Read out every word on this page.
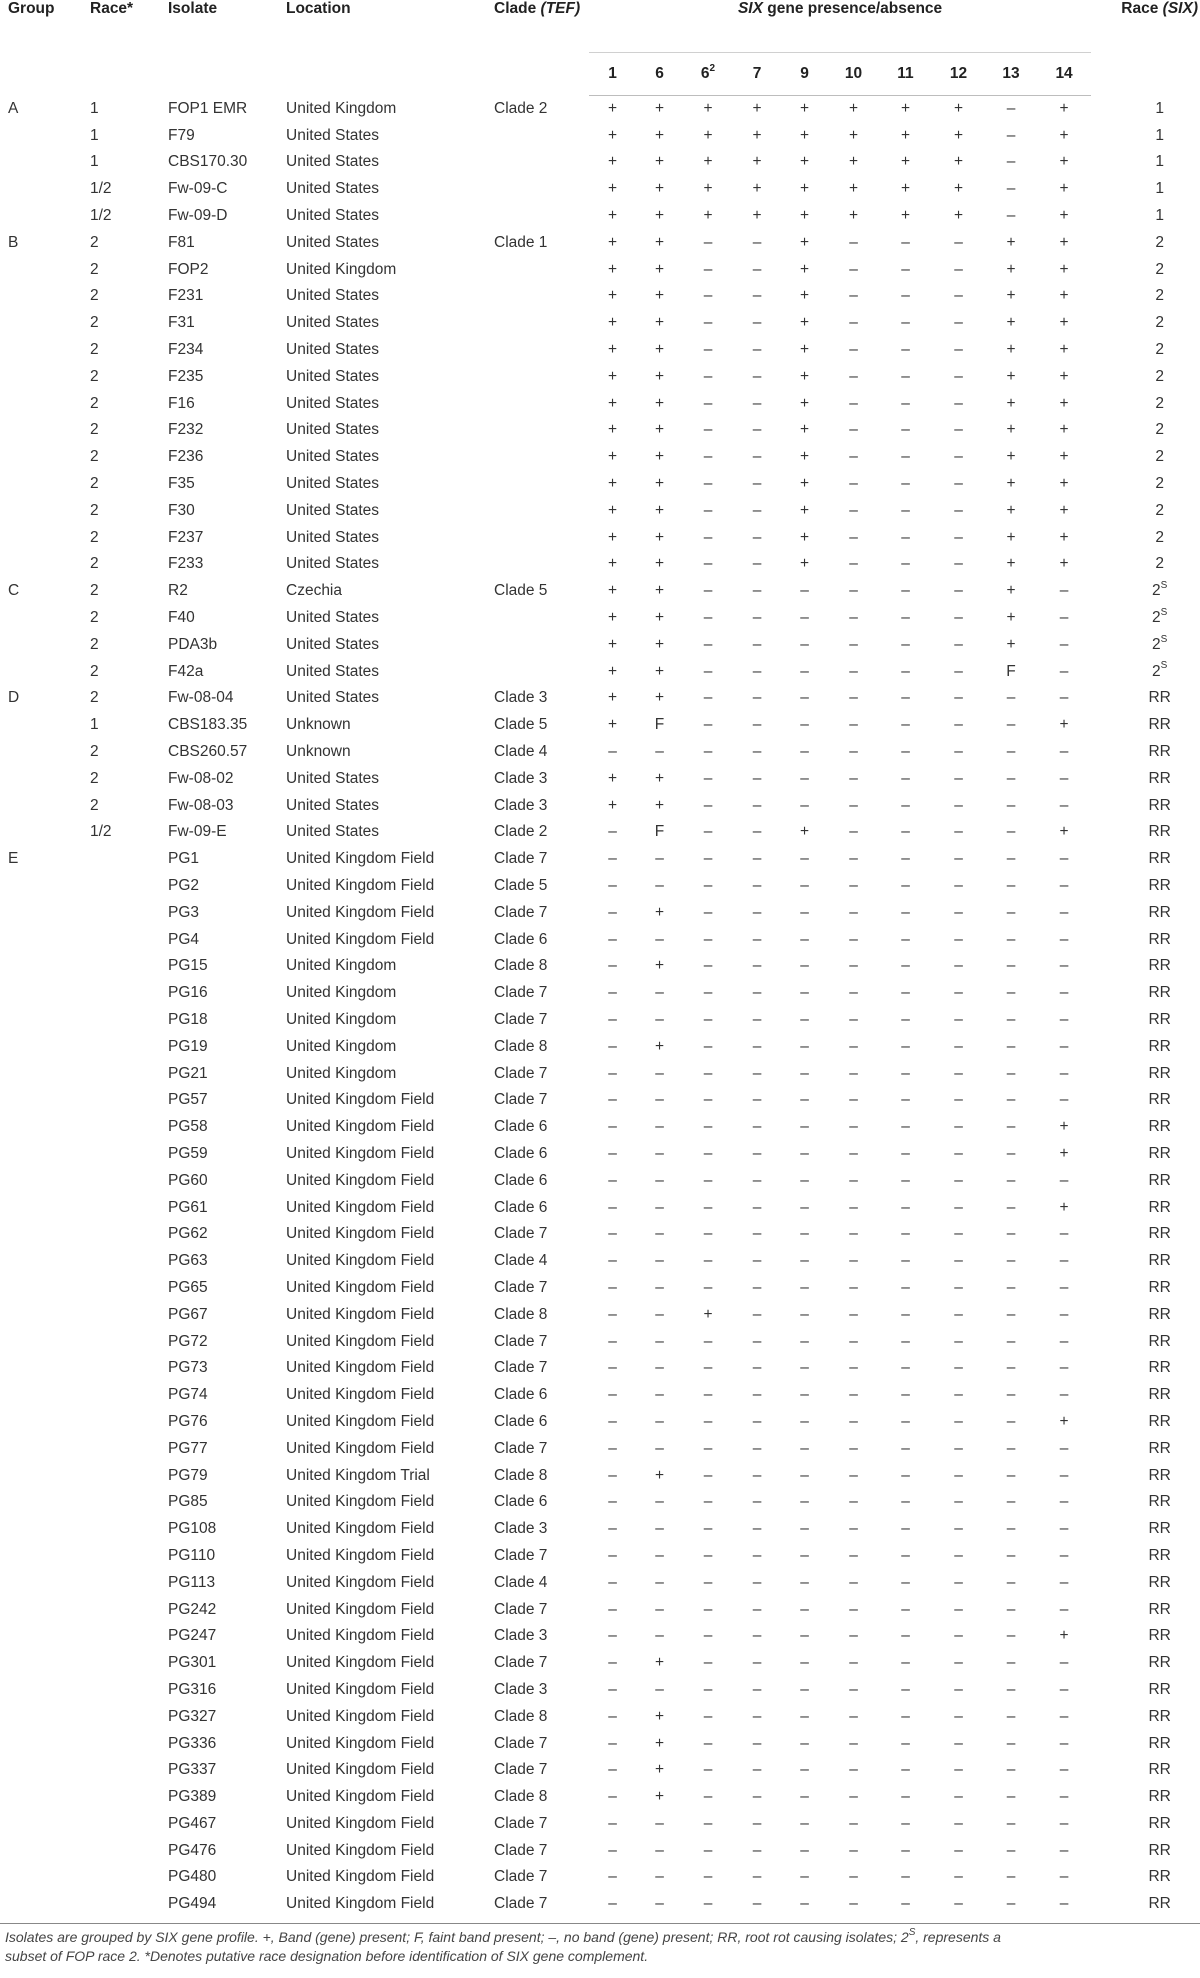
Group	Race*	Isolate	Location	Clade (TEF)	SIX gene presence/absence										Race (SIX)
					1	6	$6^2$	7	9	10	11	12	13	14	
A	1	FOP1 EMR	United Kingdom	Clade 2	+	+	+	+	+	+	+	+	–	+	1
	1	F79	United States		+	+	+	+	+	+	+	+	–	+	1
	1	CBS170.30	United States		+	+	+	+	+	+	+	+	–	+	1
	1/2	Fw-09-C	United States		+	+	+	+	+	+	+	+	–	+	1
	1/2	Fw-09-D	United States		+	+	+	+	+	+	+	+	–	+	1
B	2	F81	United States	Clade 1	+	+	–	–	+	–	–	–	+	+	2
	2	FOP2	United Kingdom		+	+	–	–	+	–	–	–	+	+	2
	2	F231	United States		+	+	–	–	+	–	–	–	+	+	2
	2	F31	United States		+	+	–	–	+	–	–	–	+	+	2
	2	F234	United States		+	+	–	–	+	–	–	–	+	+	2
	2	F235	United States		+	+	–	–	+	–	–	–	+	+	2
	2	F16	United States		+	+	–	–	+	–	–	–	+	+	2
	2	F232	United States		+	+	–	–	+	–	–	–	+	+	2
	2	F236	United States		+	+	–	–	+	–	–	–	+	+	2
	2	F35	United States		+	+	–	–	+	–	–	–	+	+	2
	2	F30	United States		+	+	–	–	+	–	–	–	+	+	2
	2	F237	United States		+	+	–	–	+	–	–	–	+	+	2
	2	F233	United States		+	+	–	–	+	–	–	–	+	+	2
C	2	R2	Czechia	Clade 5	+	+	–	–	–	–	–	–	+	–	$2^S$
	2	F40	United States		+	+	–	–	–	–	–	–	+	–	$2^S$
	2	PDA3b	United States		+	+	–	–	–	–	–	–	+	–	$2^S$
	2	F42a	United States		+	+	–	–	–	–	–	–	F	–	$2^S$
D	2	Fw-08-04	United States	Clade 3	+	+	–	–	–	–	–	–	–	–	RR
	1	CBS183.35	Unknown	Clade 5	+	F	–	–	–	–	–	–	–	+	RR
	2	CBS260.57	Unknown	Clade 4	–	–	–	–	–	–	–	–	–	–	RR
	2	Fw-08-02	United States	Clade 3	+	+	–	–	–	–	–	–	–	–	RR
	2	Fw-08-03	United States	Clade 3	+	+	–	–	–	–	–	–	–	–	RR
	1/2	Fw-09-E	United States	Clade 2	–	F	–	–	+	–	–	–	–	+	RR
E		PG1	United Kingdom Field	Clade 7	–	–	–	–	–	–	–	–	–	–	RR
		PG2	United Kingdom Field	Clade 5	–	–	–	–	–	–	–	–	–	–	RR
		PG3	United Kingdom Field	Clade 7	–	+	–	–	–	–	–	–	–	–	RR
		PG4	United Kingdom Field	Clade 6	–	–	–	–	–	–	–	–	–	–	RR
		PG15	United Kingdom	Clade 8	–	+	–	–	–	–	–	–	–	–	RR
		PG16	United Kingdom	Clade 7	–	–	–	–	–	–	–	–	–	–	RR
		PG18	United Kingdom	Clade 7	–	–	–	–	–	–	–	–	–	–	RR
		PG19	United Kingdom	Clade 8	–	+	–	–	–	–	–	–	–	–	RR
		PG21	United Kingdom	Clade 7	–	–	–	–	–	–	–	–	–	–	RR
		PG57	United Kingdom Field	Clade 7	–	–	–	–	–	–	–	–	–	–	RR
		PG58	United Kingdom Field	Clade 6	–	–	–	–	–	–	–	–	–	+	RR
		PG59	United Kingdom Field	Clade 6	–	–	–	–	–	–	–	–	–	+	RR
		PG60	United Kingdom Field	Clade 6	–	–	–	–	–	–	–	–	–	–	RR
		PG61	United Kingdom Field	Clade 6	–	–	–	–	–	–	–	–	–	+	RR
		PG62	United Kingdom Field	Clade 7	–	–	–	–	–	–	–	–	–	–	RR
		PG63	United Kingdom Field	Clade 4	–	–	–	–	–	–	–	–	–	–	RR
		PG65	United Kingdom Field	Clade 7	–	–	–	–	–	–	–	–	–	–	RR
		PG67	United Kingdom Field	Clade 8	–	–	+	–	–	–	–	–	–	–	RR
		PG72	United Kingdom Field	Clade 7	–	–	–	–	–	–	–	–	–	–	RR
		PG73	United Kingdom Field	Clade 7	–	–	–	–	–	–	–	–	–	–	RR
		PG74	United Kingdom Field	Clade 6	–	–	–	–	–	–	–	–	–	–	RR
		PG76	United Kingdom Field	Clade 6	–	–	–	–	–	–	–	–	–	+	RR
		PG77	United Kingdom Field	Clade 7	–	–	–	–	–	–	–	–	–	–	RR
		PG79	United Kingdom Trial	Clade 8	–	+	–	–	–	–	–	–	–	–	RR
		PG85	United Kingdom Field	Clade 6	–	–	–	–	–	–	–	–	–	–	RR
		PG108	United Kingdom Field	Clade 3	–	–	–	–	–	–	–	–	–	–	RR
		PG110	United Kingdom Field	Clade 7	–	–	–	–	–	–	–	–	–	–	RR
		PG113	United Kingdom Field	Clade 4	–	–	–	–	–	–	–	–	–	–	RR
		PG242	United Kingdom Field	Clade 7	–	–	–	–	–	–	–	–	–	–	RR
		PG247	United Kingdom Field	Clade 3	–	–	–	–	–	–	–	–	–	+	RR
		PG301	United Kingdom Field	Clade 7	–	+	–	–	–	–	–	–	–	–	RR
		PG316	United Kingdom Field	Clade 3	–	–	–	–	–	–	–	–	–	–	RR
		PG327	United Kingdom Field	Clade 8	–	+	–	–	–	–	–	–	–	–	RR
		PG336	United Kingdom Field	Clade 7	–	+	–	–	–	–	–	–	–	–	RR
		PG337	United Kingdom Field	Clade 7	–	+	–	–	–	–	–	–	–	–	RR
		PG389	United Kingdom Field	Clade 8	–	+	–	–	–	–	–	–	–	–	RR
		PG467	United Kingdom Field	Clade 7	–	–	–	–	–	–	–	–	–	–	RR
		PG476	United Kingdom Field	Clade 7	–	–	–	–	–	–	–	–	–	–	RR
		PG480	United Kingdom Field	Clade 7	–	–	–	–	–	–	–	–	–	–	RR
		PG494	United Kingdom Field	Clade 7	–	–	–	–	–	–	–	–	–	–	RR
Isolates are grouped by SIX gene profile. +, Band (gene) present; F, faint band present; –, no band (gene) present; RR, root rot causing isolates; $2^S$, represents a
subset of FOP race 2. *Denotes putative race designation before identification of SIX gene complement.
